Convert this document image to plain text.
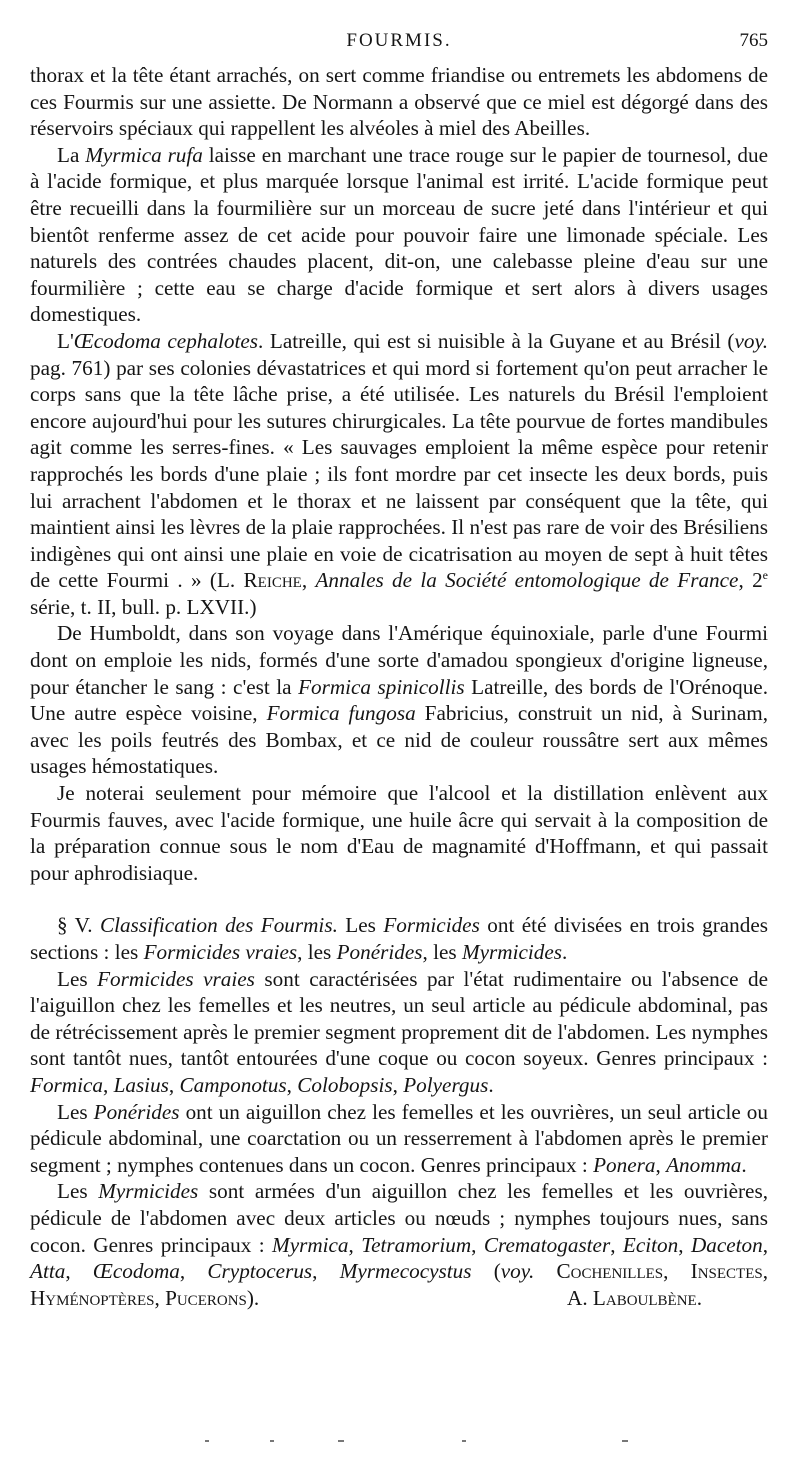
FOURMIS.	765

thorax et la tête étant arrachés, on sert comme friandise ou entremets les abdomens de ces Fourmis sur une assiette. De Normann a observé que ce miel est dégorgé dans des réservoirs spéciaux qui rappellent les alvéoles à miel des Abeilles.

La Myrmica rufa laisse en marchant une trace rouge sur le papier de tournesol, due à l'acide formique, et plus marquée lorsque l'animal est irrité. L'acide formique peut être recueilli dans la fourmilière sur un morceau de sucre jeté dans l'intérieur et qui bientôt renferme assez de cet acide pour pouvoir faire une limonade spéciale. Les naturels des contrées chaudes placent, dit-on, une calebasse pleine d'eau sur une fourmilière ; cette eau se charge d'acide formique et sert alors à divers usages domestiques.

L'Œcodoma cephalotes. Latreille, qui est si nuisible à la Guyane et au Brésil (voy. pag. 761) par ses colonies dévastatrices et qui mord si fortement qu'on peut arracher le corps sans que la tête lâche prise, a été utilisée. Les naturels du Brésil l'emploient encore aujourd'hui pour les sutures chirurgicales. La tête pourvue de fortes mandibules agit comme les serres-fines. « Les sauvages emploient la même espèce pour retenir rapprochés les bords d'une plaie ; ils font mordre par cet insecte les deux bords, puis lui arrachent l'abdomen et le thorax et ne laissent par conséquent que la tête, qui maintient ainsi les lèvres de la plaie rapprochées. Il n'est pas rare de voir des Brésiliens indigènes qui ont ainsi une plaie en voie de cicatrisation au moyen de sept à huit têtes de cette Fourmi . » (L. Reiche, Annales de la Société entomologique de France, 2e série, t. II, bull. p. LXVII.)

De Humboldt, dans son voyage dans l'Amérique équinoxiale, parle d'une Fourmi dont on emploie les nids, formés d'une sorte d'amadou spongieux d'origine ligneuse, pour étancher le sang : c'est la Formica spinicollis Latreille, des bords de l'Orénoque. Une autre espèce voisine, Formica fungosa Fabricius, construit un nid, à Surinam, avec les poils feutrés des Bombax, et ce nid de couleur roussâtre sert aux mêmes usages hémostatiques.

Je noterai seulement pour mémoire que l'alcool et la distillation enlèvent aux Fourmis fauves, avec l'acide formique, une huile âcre qui servait à la composition de la préparation connue sous le nom d'Eau de magnamité d'Hoffmann, et qui passait pour aphrodisiaque.

§ V. Classification des Fourmis. Les Formicides ont été divisées en trois grandes sections : les Formicides vraies, les Ponérides, les Myrmicides.

Les Formicides vraies sont caractérisées par l'état rudimentaire ou l'absence de l'aiguillon chez les femelles et les neutres, un seul article au pédicule abdominal, pas de rétrécissement après le premier segment proprement dit de l'abdomen. Les nymphes sont tantôt nues, tantôt entourées d'une coque ou cocon soyeux. Genres principaux : Formica, Lasius, Camponotus, Colobopsis, Polyergus.

Les Ponérides ont un aiguillon chez les femelles et les ouvrières, un seul article ou pédicule abdominal, une coarctation ou un resserrement à l'abdomen après le premier segment ; nymphes contenues dans un cocon. Genres principaux : Ponera, Anomma.

Les Myrmicides sont armées d'un aiguillon chez les femelles et les ouvrières, pédicule de l'abdomen avec deux articles ou nœuds ; nymphes toujours nues, sans cocon. Genres principaux : Myrmica, Tetramorium, Crematogaster, Eciton, Daceton, Atta, Œcodoma, Cryptocerus, Myrmecocystus (voy. Cochenilles, Insectes, Hyménoptères, Pucerons).	A. Laboulbène.
